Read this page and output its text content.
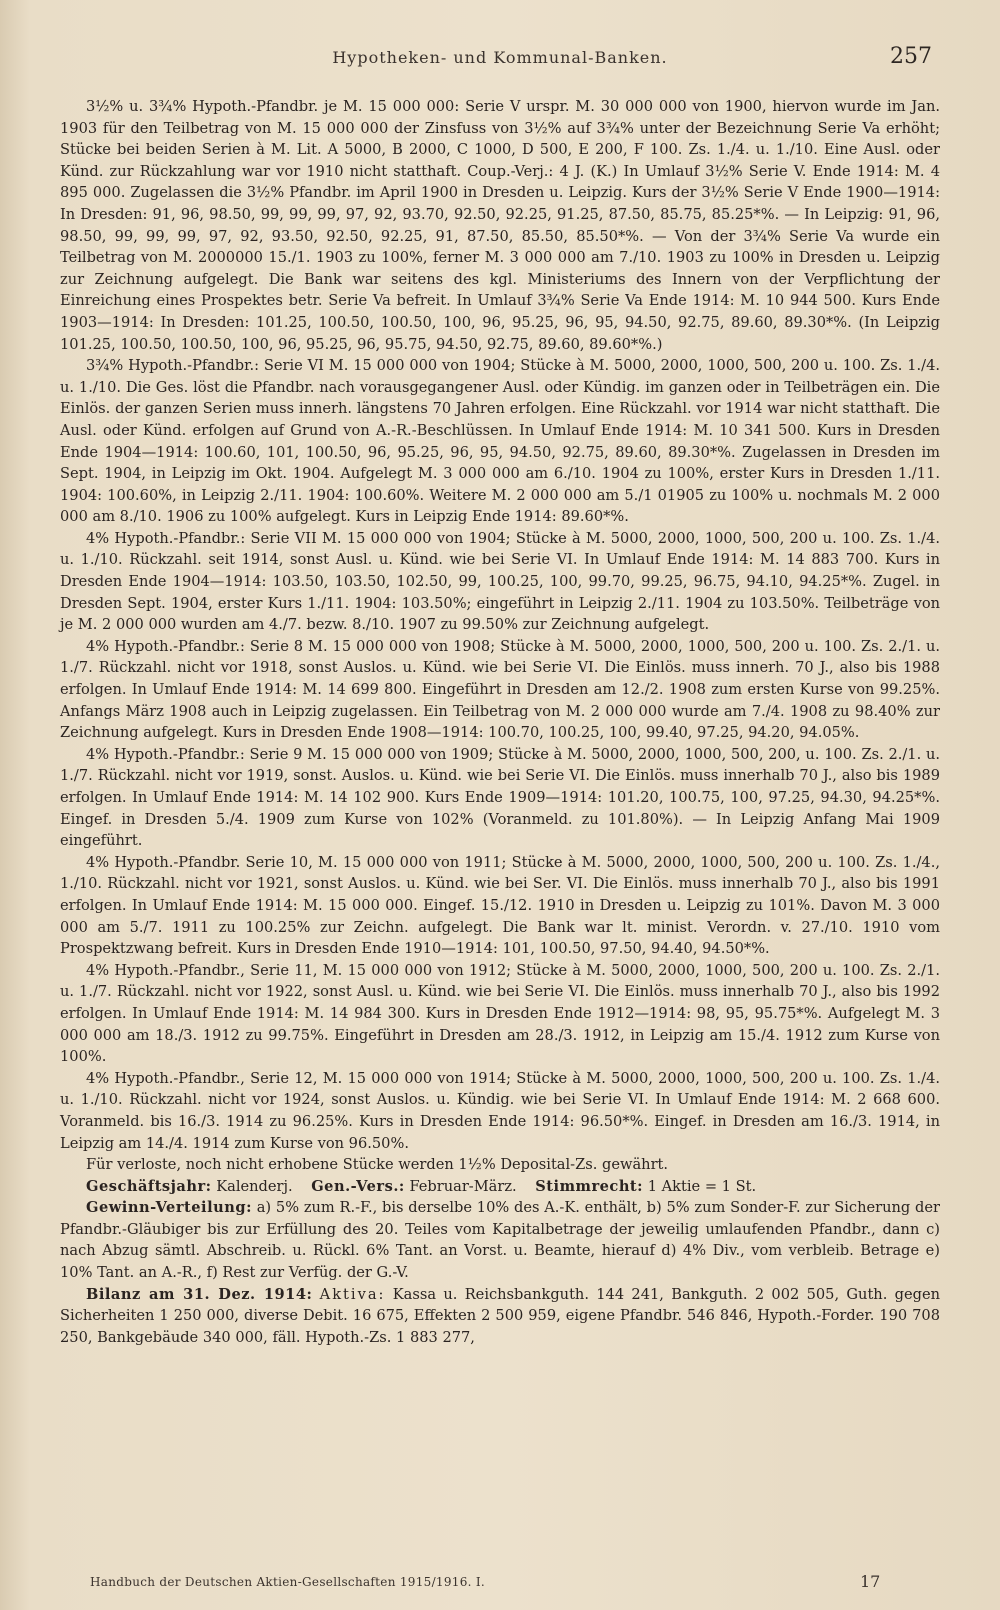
Hypotheken- und Kommunal-Banken.	257

3½% u. 3¾% Hypoth.-Pfandbr. je M. 15 000 000: Serie V urspr. M. 30 000 000 von 1900, hiervon wurde im Jan. 1903 für den Teilbetrag von M. 15 000 000 der Zinsfuss von 3½% auf 3¾% unter der Bezeichnung Serie Va erhöht; Stücke bei beiden Serien à M. Lit. A 5000, B 2000, C 1000, D 500, E 200, F 100. Zs. 1./4. u. 1./10. Eine Ausl. oder Künd. zur Rückzahlung war vor 1910 nicht statthaft. Coup.-Verj.: 4 J. (K.) In Umlauf 3½% Serie V. Ende 1914: M. 4 895 000. Zugelassen die 3½% Pfandbr. im April 1900 in Dresden u. Leipzig. Kurs der 3½% Serie V Ende 1900—1914: In Dresden: 91, 96, 98.50, 99, 99, 99, 97, 92, 93.70, 92.50, 92.25, 91.25, 87.50, 85.75, 85.25*%. — In Leipzig: 91, 96, 98.50, 99, 99, 99, 97, 92, 93.50, 92.50, 92.25, 91, 87.50, 85.50, 85.50*%. — Von der 3¾% Serie Va wurde ein Teilbetrag von M. 2000000 15./1. 1903 zu 100%, ferner M. 3 000 000 am 7./10. 1903 zu 100% in Dresden u. Leipzig zur Zeichnung aufgelegt. Die Bank war seitens des kgl. Ministeriums des Innern von der Verpflichtung der Einreichung eines Prospektes betr. Serie Va befreit. In Umlauf 3¾% Serie Va Ende 1914: M. 10 944 500. Kurs Ende 1903—1914: In Dresden: 101.25, 100.50, 100.50, 100, 96, 95.25, 96, 95, 94.50, 92.75, 89.60, 89.30*%. (In Leipzig 101.25, 100.50, 100.50, 100, 96, 95.25, 96, 95.75, 94.50, 92.75, 89.60, 89.60*%.)

3¾% Hypoth.-Pfandbr.: Serie VI M. 15 000 000 von 1904; Stücke à M. 5000, 2000, 1000, 500, 200 u. 100. Zs. 1./4. u. 1./10. Die Ges. löst die Pfandbr. nach vorausgegangener Ausl. oder Kündig. im ganzen oder in Teilbeträgen ein. Die Einlös. der ganzen Serien muss innerh. längstens 70 Jahren erfolgen. Eine Rückzahl. vor 1914 war nicht statthaft. Die Ausl. oder Künd. erfolgen auf Grund von A.-R.-Beschlüssen. In Umlauf Ende 1914: M. 10 341 500. Kurs in Dresden Ende 1904—1914: 100.60, 101, 100.50, 96, 95.25, 96, 95, 94.50, 92.75, 89.60, 89.30*%. Zugelassen in Dresden im Sept. 1904, in Leipzig im Okt. 1904. Aufgelegt M. 3 000 000 am 6./10. 1904 zu 100%, erster Kurs in Dresden 1./11. 1904: 100.60%, in Leipzig 2./11. 1904: 100.60%. Weitere M. 2 000 000 am 5./1 01905 zu 100% u. nochmals M. 2 000 000 am 8./10. 1906 zu 100% aufgelegt. Kurs in Leipzig Ende 1914: 89.60*%.

4% Hypoth.-Pfandbr.: Serie VII M. 15 000 000 von 1904; Stücke à M. 5000, 2000, 1000, 500, 200 u. 100. Zs. 1./4. u. 1./10. Rückzahl. seit 1914, sonst Ausl. u. Künd. wie bei Serie VI. In Umlauf Ende 1914: M. 14 883 700. Kurs in Dresden Ende 1904—1914: 103.50, 103.50, 102.50, 99, 100.25, 100, 99.70, 99.25, 96.75, 94.10, 94.25*%. Zugel. in Dresden Sept. 1904, erster Kurs 1./11. 1904: 103.50%; eingeführt in Leipzig 2./11. 1904 zu 103.50%. Teilbeträge von je M. 2 000 000 wurden am 4./7. bezw. 8./10. 1907 zu 99.50% zur Zeichnung aufgelegt.

4% Hypoth.-Pfandbr.: Serie 8 M. 15 000 000 von 1908; Stücke à M. 5000, 2000, 1000, 500, 200 u. 100. Zs. 2./1. u. 1./7. Rückzahl. nicht vor 1918, sonst Auslos. u. Künd. wie bei Serie VI. Die Einlös. muss innerh. 70 J., also bis 1988 erfolgen. In Umlauf Ende 1914: M. 14 699 800. Eingeführt in Dresden am 12./2. 1908 zum ersten Kurse von 99.25%. Anfangs März 1908 auch in Leipzig zugelassen. Ein Teilbetrag von M. 2 000 000 wurde am 7./4. 1908 zu 98.40% zur Zeichnung aufgelegt. Kurs in Dresden Ende 1908—1914: 100.70, 100.25, 100, 99.40, 97.25, 94.20, 94.05%.

4% Hypoth.-Pfandbr.: Serie 9 M. 15 000 000 von 1909; Stücke à M. 5000, 2000, 1000, 500, 200, u. 100. Zs. 2./1. u. 1./7. Rückzahl. nicht vor 1919, sonst. Auslos. u. Künd. wie bei Serie VI. Die Einlös. muss innerhalb 70 J., also bis 1989 erfolgen. In Umlauf Ende 1914: M. 14 102 900. Kurs Ende 1909—1914: 101.20, 100.75, 100, 97.25, 94.30, 94.25*%. Eingef. in Dresden 5./4. 1909 zum Kurse von 102% (Voranmeld. zu 101.80%). — In Leipzig Anfang Mai 1909 eingeführt.

4% Hypoth.-Pfandbr. Serie 10, M. 15 000 000 von 1911; Stücke à M. 5000, 2000, 1000, 500, 200 u. 100. Zs. 1./4., 1./10. Rückzahl. nicht vor 1921, sonst Auslos. u. Künd. wie bei Ser. VI. Die Einlös. muss innerhalb 70 J., also bis 1991 erfolgen. In Umlauf Ende 1914: M. 15 000 000. Eingef. 15./12. 1910 in Dresden u. Leipzig zu 101%. Davon M. 3 000 000 am 5./7. 1911 zu 100.25% zur Zeichn. aufgelegt. Die Bank war lt. minist. Verordn. v. 27./10. 1910 vom Prospektzwang befreit. Kurs in Dresden Ende 1910—1914: 101, 100.50, 97.50, 94.40, 94.50*%.

4% Hypoth.-Pfandbr., Serie 11, M. 15 000 000 von 1912; Stücke à M. 5000, 2000, 1000, 500, 200 u. 100. Zs. 2./1. u. 1./7. Rückzahl. nicht vor 1922, sonst Ausl. u. Künd. wie bei Serie VI. Die Einlös. muss innerhalb 70 J., also bis 1992 erfolgen. In Umlauf Ende 1914: M. 14 984 300. Kurs in Dresden Ende 1912—1914: 98, 95, 95.75*%. Aufgelegt M. 3 000 000 am 18./3. 1912 zu 99.75%. Eingeführt in Dresden am 28./3. 1912, in Leipzig am 15./4. 1912 zum Kurse von 100%.

4% Hypoth.-Pfandbr., Serie 12, M. 15 000 000 von 1914; Stücke à M. 5000, 2000, 1000, 500, 200 u. 100. Zs. 1./4. u. 1./10. Rückzahl. nicht vor 1924, sonst Auslos. u. Kündig. wie bei Serie VI. In Umlauf Ende 1914: M. 2 668 600. Voranmeld. bis 16./3. 1914 zu 96.25%. Kurs in Dresden Ende 1914: 96.50*%. Eingef. in Dresden am 16./3. 1914, in Leipzig am 14./4. 1914 zum Kurse von 96.50%.

Für verloste, noch nicht erhobene Stücke werden 1½% Deposital-Zs. gewährt.

Geschäftsjahr: Kalenderj. Gen.-Vers.: Februar-März. Stimmrecht: 1 Aktie = 1 St.

Gewinn-Verteilung: a) 5% zum R.-F., bis derselbe 10% des A.-K. enthält, b) 5% zum Sonder-F. zur Sicherung der Pfandbr.-Gläubiger bis zur Erfüllung des 20. Teiles vom Kapitalbetrage der jeweilig umlaufenden Pfandbr., dann c) nach Abzug sämtl. Abschreib. u. Rückl. 6% Tant. an Vorst. u. Beamte, hierauf d) 4% Div., vom verbleib. Betrage e) 10% Tant. an A.-R., f) Rest zur Verfüg. der G.-V.

Bilanz am 31. Dez. 1914: Aktiva: Kassa u. Reichsbankguth. 144 241, Bankguth. 2 002 505, Guth. gegen Sicherheiten 1 250 000, diverse Debit. 16 675, Effekten 2 500 959, eigene Pfandbr. 546 846, Hypoth.-Forder. 190 708 250, Bankgebäude 340 000, fäll. Hypoth.-Zs. 1 883 277,

Handbuch der Deutschen Aktien-Gesellschaften 1915/1916. I.	17
